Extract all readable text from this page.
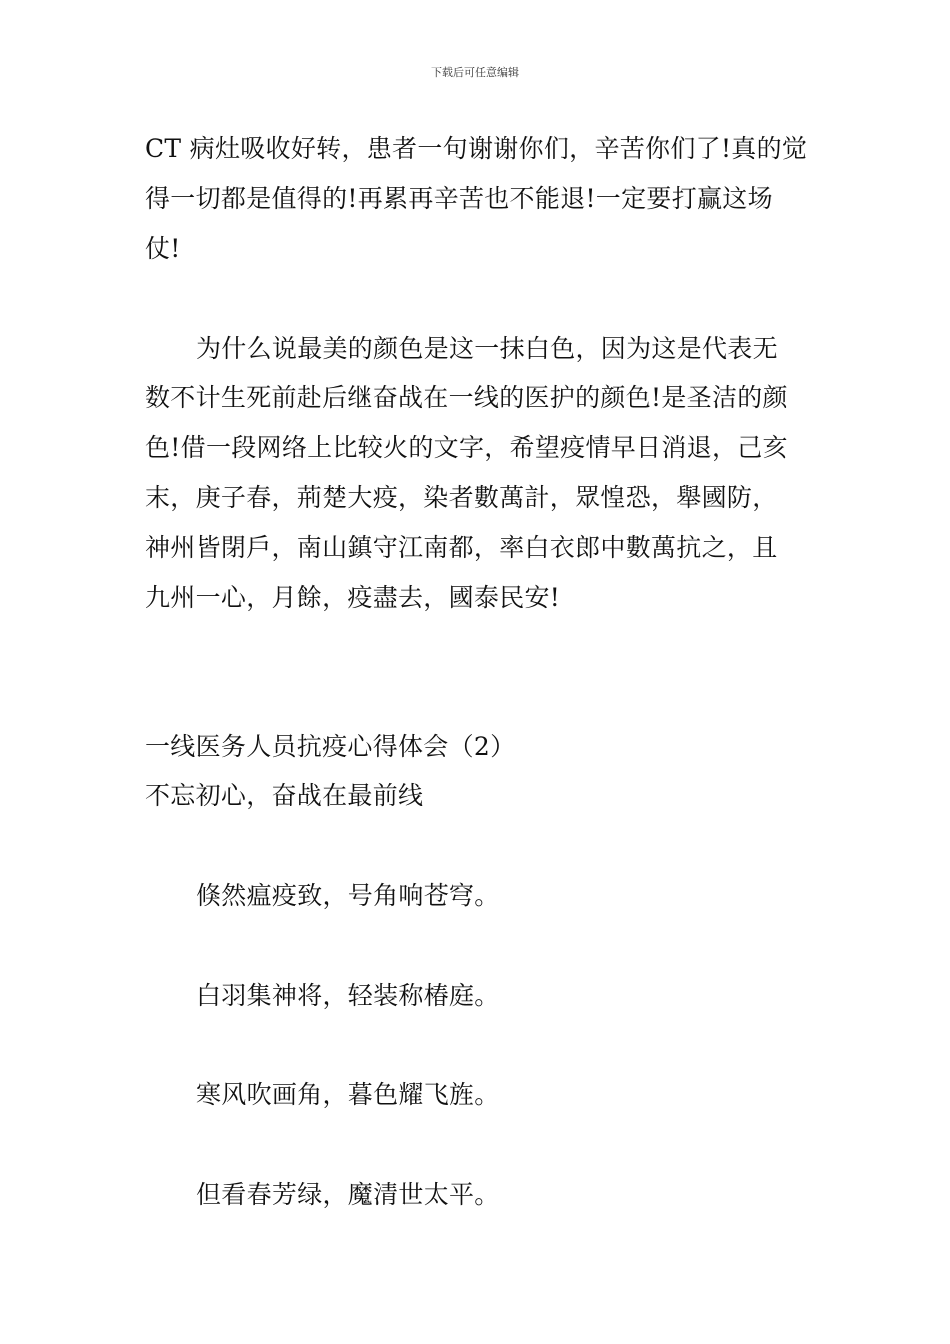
下载后可任意编辑
CT 病灶吸收好转，患者一句谢谢你们，辛苦你们了!真的觉
得一切都是值得的!再累再辛苦也不能退!一定要打赢这场
仗!
为什么说最美的颜色是这一抹白色，因为这是代表无
数不计生死前赴后继奋战在一线的医护的颜色!是圣洁的颜
色!借一段网络上比较火的文字，希望疫情早日消退，己亥
末，庚子春，荊楚大疫，染者數萬計，眾惶恐，舉國防，
神州皆閉戶，南山鎮守江南都，率白衣郎中數萬抗之，且
九州一心，月餘，疫盡去，國泰民安!
一线医务人员抗疫心得体会（2）
不忘初心，奋战在最前线
倏然瘟疫致，号角响苍穹。
白羽集神将，轻装称椿庭。
寒风吹画角，暮色耀飞旌。
但看春芳绿，魔清世太平。
